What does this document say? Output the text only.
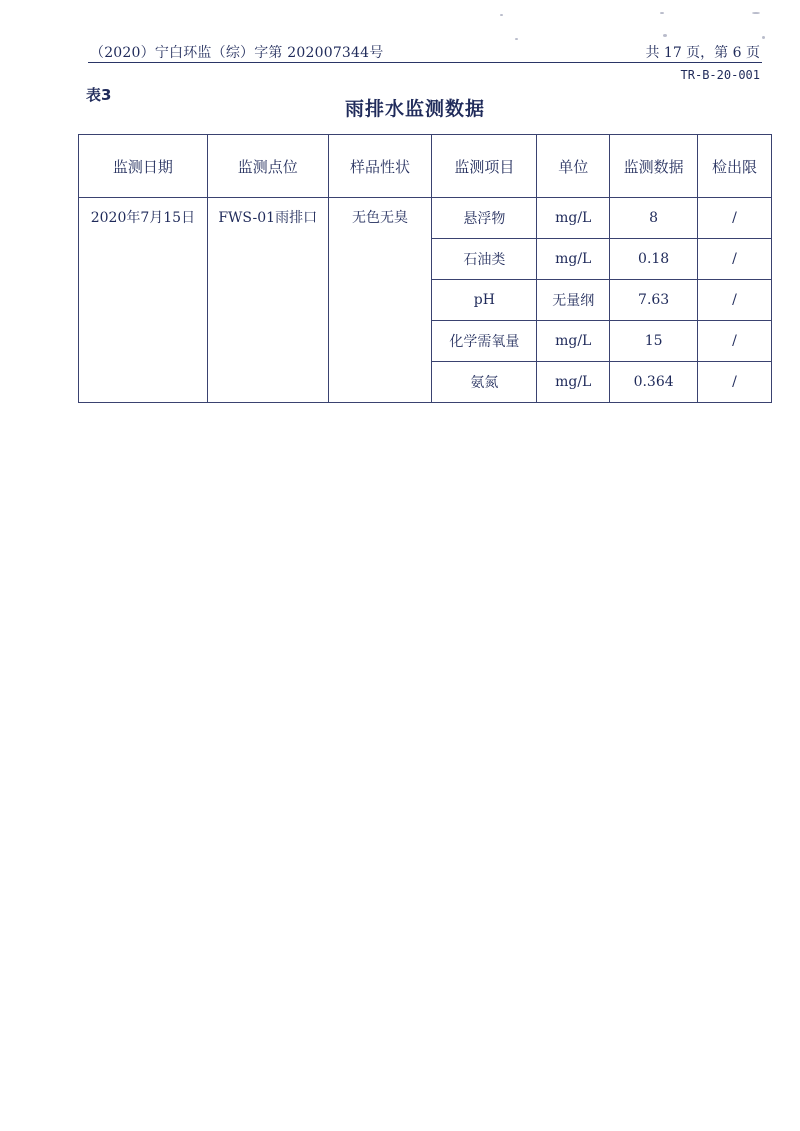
（2020）宁白环监（综）字第 202007344号	共 17 页，第 6 页
TR-B-20-001
表3
雨排水监测数据
监测日期	监测点位	样品性状	监测项目	单位	监测数据	检出限
2020年7月15日	FWS-01雨排口	无色无臭	悬浮物	mg/L	8	/
			石油类	mg/L	0.18	/
			pH	无量纲	7.63	/
			化学需氧量	mg/L	15	/
			氨氮	mg/L	0.364	/
